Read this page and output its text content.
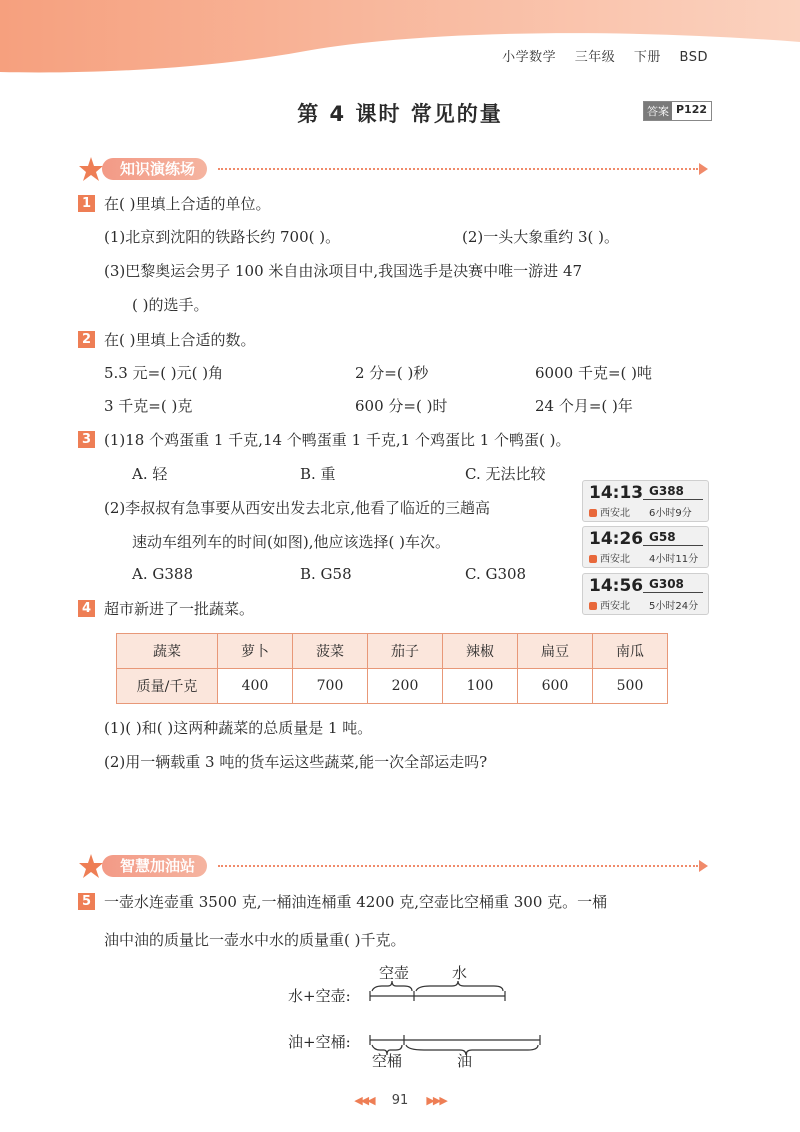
小学数学 三年级 下册 BSD
第 4 课时 常见的量	答案 P122
知识演练场
1 在( )里填上合适的单位。
(1)北京到沈阳的铁路长约 700( )。	(2)一头大象重约 3( )。
(3)巴黎奥运会男子 100 米自由泳项目中,我国选手是决赛中唯一游进 47
( )的选手。
2 在( )里填上合适的数。
5.3 元=( )元( )角	2 分=( )秒	6000 千克=( )吨
3 千克=( )克	600 分=( )时	24 个月=( )年
3 (1)18 个鸡蛋重 1 千克,14 个鸭蛋重 1 千克,1 个鸡蛋比 1 个鸭蛋( )。
A. 轻	B. 重	C. 无法比较
(2)李叔叔有急事要从西安出发去北京,他看了临近的三趟高
速动车组列车的时间(如图),他应该选择( )车次。
A. G388	B. G58	C. G308
14:13 G388
西安北 6小时9分
14:26 G58
西安北 4小时11分
14:56 G308
西安北 5小时24分
4 超市新进了一批蔬菜。
蔬菜	萝卜	菠菜	茄子	辣椒	扁豆	南瓜
质量/千克	400	700	200	100	600	500
(1)( )和( )这两种蔬菜的总质量是 1 吨。
(2)用一辆载重 3 吨的货车运这些蔬菜,能一次全部运走吗?
智慧加油站
5 一壶水连壶重 3500 克,一桶油连桶重 4200 克,空壶比空桶重 300 克。一桶
油中油的质量比一壶水中水的质量重( )千克。
空壶	水
水+空壶:
油+空桶:
空桶	油
◀◀◀ 91 ▶▶▶
